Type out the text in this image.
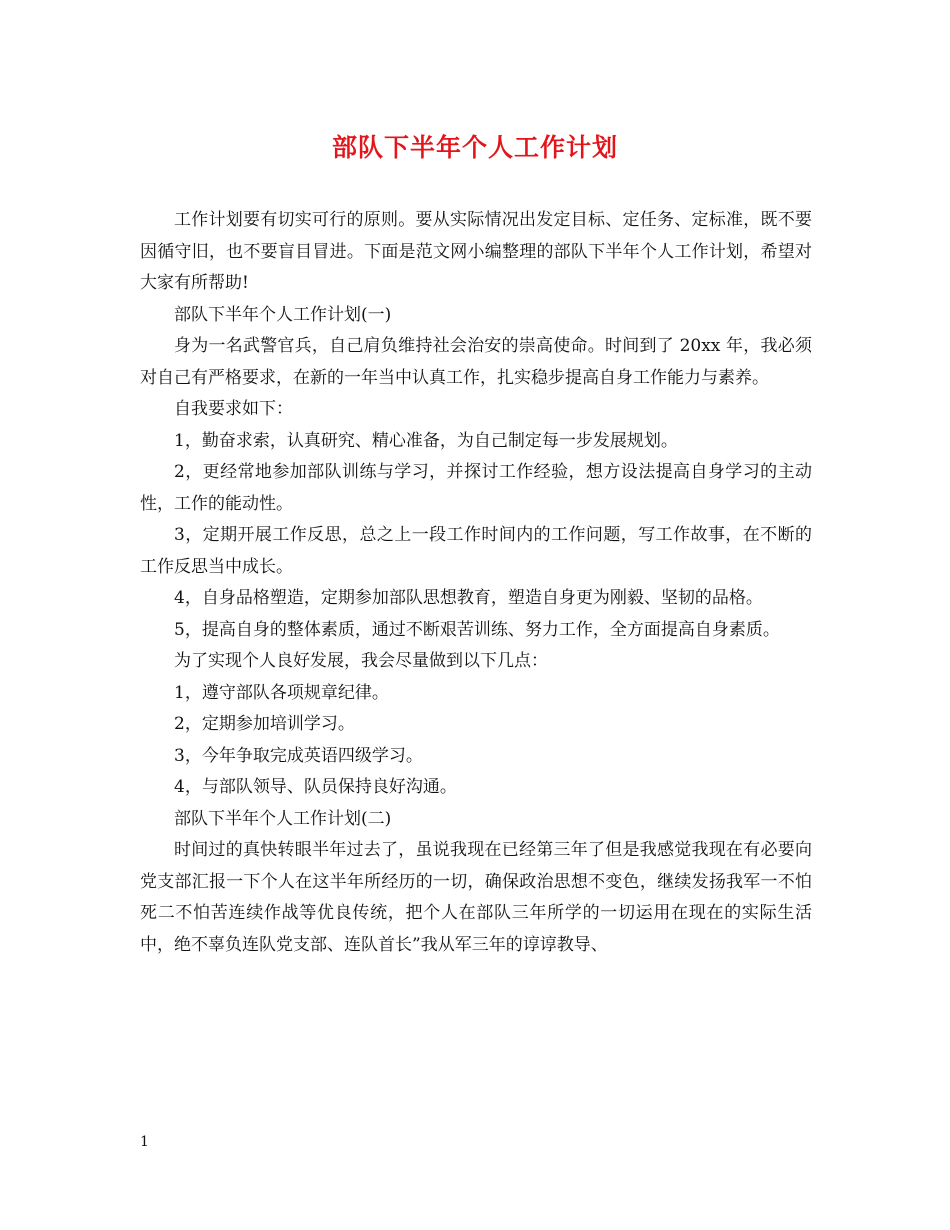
部队下半年个人工作计划

工作计划要有切实可行的原则。要从实际情况出发定目标、定任务、定标准，既不要因循守旧，也不要盲目冒进。下面是范文网小编整理的部队下半年个人工作计划，希望对大家有所帮助!

部队下半年个人工作计划(一)

身为一名武警官兵，自己肩负维持社会治安的崇高使命。时间到了 20xx 年，我必须对自己有严格要求，在新的一年当中认真工作，扎实稳步提高自身工作能力与素养。

自我要求如下：

1，勤奋求索，认真研究、精心准备，为自己制定每一步发展规划。

2，更经常地参加部队训练与学习，并探讨工作经验，想方设法提高自身学习的主动性，工作的能动性。

3，定期开展工作反思，总之上一段工作时间内的工作问题，写工作故事，在不断的工作反思当中成长。

4，自身品格塑造，定期参加部队思想教育，塑造自身更为刚毅、坚韧的品格。

5，提高自身的整体素质，通过不断艰苦训练、努力工作，全方面提高自身素质。

为了实现个人良好发展，我会尽量做到以下几点：

1，遵守部队各项规章纪律。

2，定期参加培训学习。

3，今年争取完成英语四级学习。

4，与部队领导、队员保持良好沟通。

部队下半年个人工作计划(二)

时间过的真快转眼半年过去了，虽说我现在已经第三年了但是我感觉我现在有必要向党支部汇报一下个人在这半年所经历的一切，确保政治思想不变色，继续发扬我军一不怕死二不怕苦连续作战等优良传统，把个人在部队三年所学的一切运用在现在的实际生活中，绝不辜负连队党支部、连队首长”我从军三年的谆谆教导、

1
